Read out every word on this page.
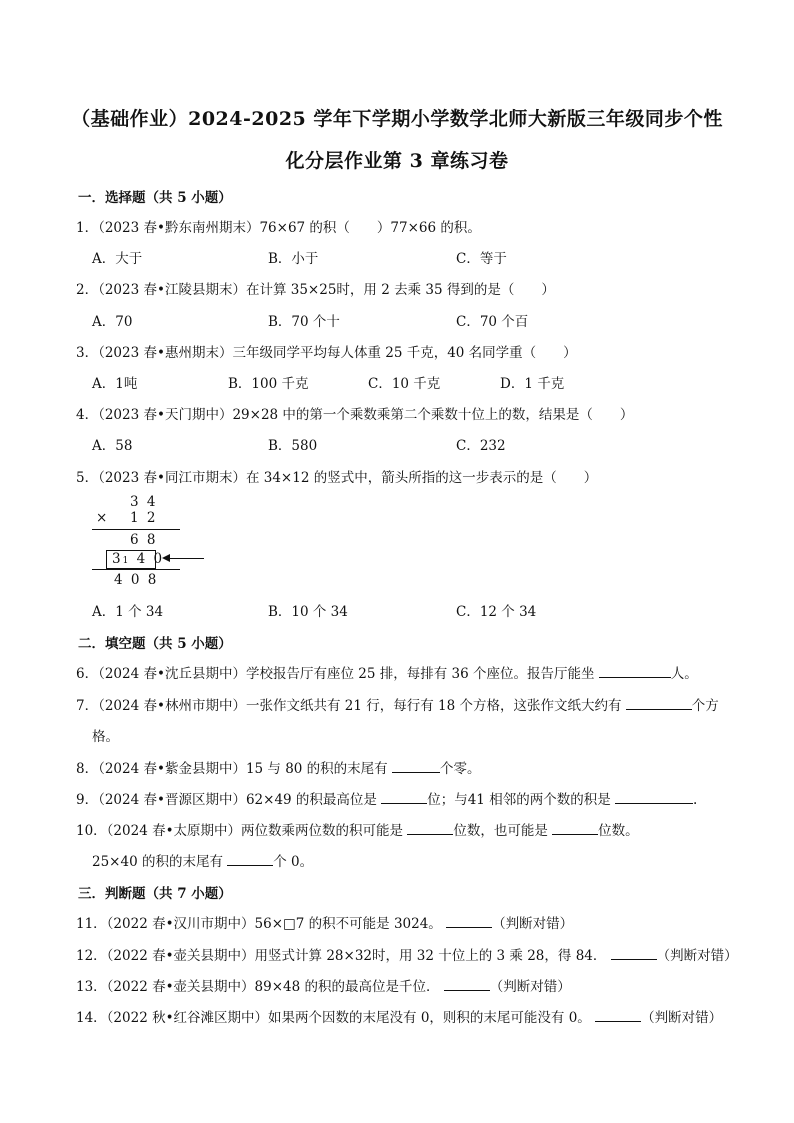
（基础作业）2024-2025 学年下学期小学数学北师大新版三年级同步个性
化分层作业第 3 章练习卷
一．选择题（共 5 小题）
1．（2023 春•黔东南州期末）76×67 的积（　　）77×66 的积。
A．大于	B．小于	C．等于
2．（2023 春•江陵县期末）在计算 35×25时，用 2 去乘 35 得到的是（　　）
A．70	B．70 个十	C．70 个百
3．（2023 春•惠州期末）三年级同学平均每人体重 25 千克，40 名同学重（　　）
A．1吨	B．100 千克	C．10 千克	D．1 千克
4．（2023 春•天门期中）29×28 中的第一个乘数乘第二个乘数十位上的数，结果是（　　）
A．58	B．580	C．232
5．（2023 春•同江市期末）在 34×12 的竖式中，箭头所指的这一步表示的是（　　）
3 4
× 1 2
6 8
31 4 0
4 0 8
A．1 个 34	B．10 个 34	C．12 个 34
二．填空题（共 5 小题）
6．（2024 春•沈丘县期中）学校报告厅有座位 25 排，每排有 36 个座位。报告厅能坐	人。
7．（2024 春•林州市期中）一张作文纸共有 21 行，每行有 18 个方格，这张作文纸大约有	个方
格。
8．（2024 春•紫金县期中）15 与 80 的积的末尾有	个零。
9．（2024 春•晋源区期中）62×49 的积最高位是	位；与41 相邻的两个数的积是	.
10．（2024 春•太原期中）两位数乘两位数的积可能是	位数，也可能是	位数。
25×40 的积的末尾有	个 0。
三．判断题（共 7 小题）
11．（2022 春•汉川市期中）56×□7 的积不可能是 3024。	（判断对错）
12．（2022 春•壶关县期中）用竖式计算 28×32时，用 32 十位上的 3 乘 28，得 84．	（判断对错）
13．（2022 春•壶关县期中）89×48 的积的最高位是千位．	（判断对错）
14．（2022 秋•红谷滩区期中）如果两个因数的末尾没有 0，则积的末尾可能没有 0。	（判断对错）
